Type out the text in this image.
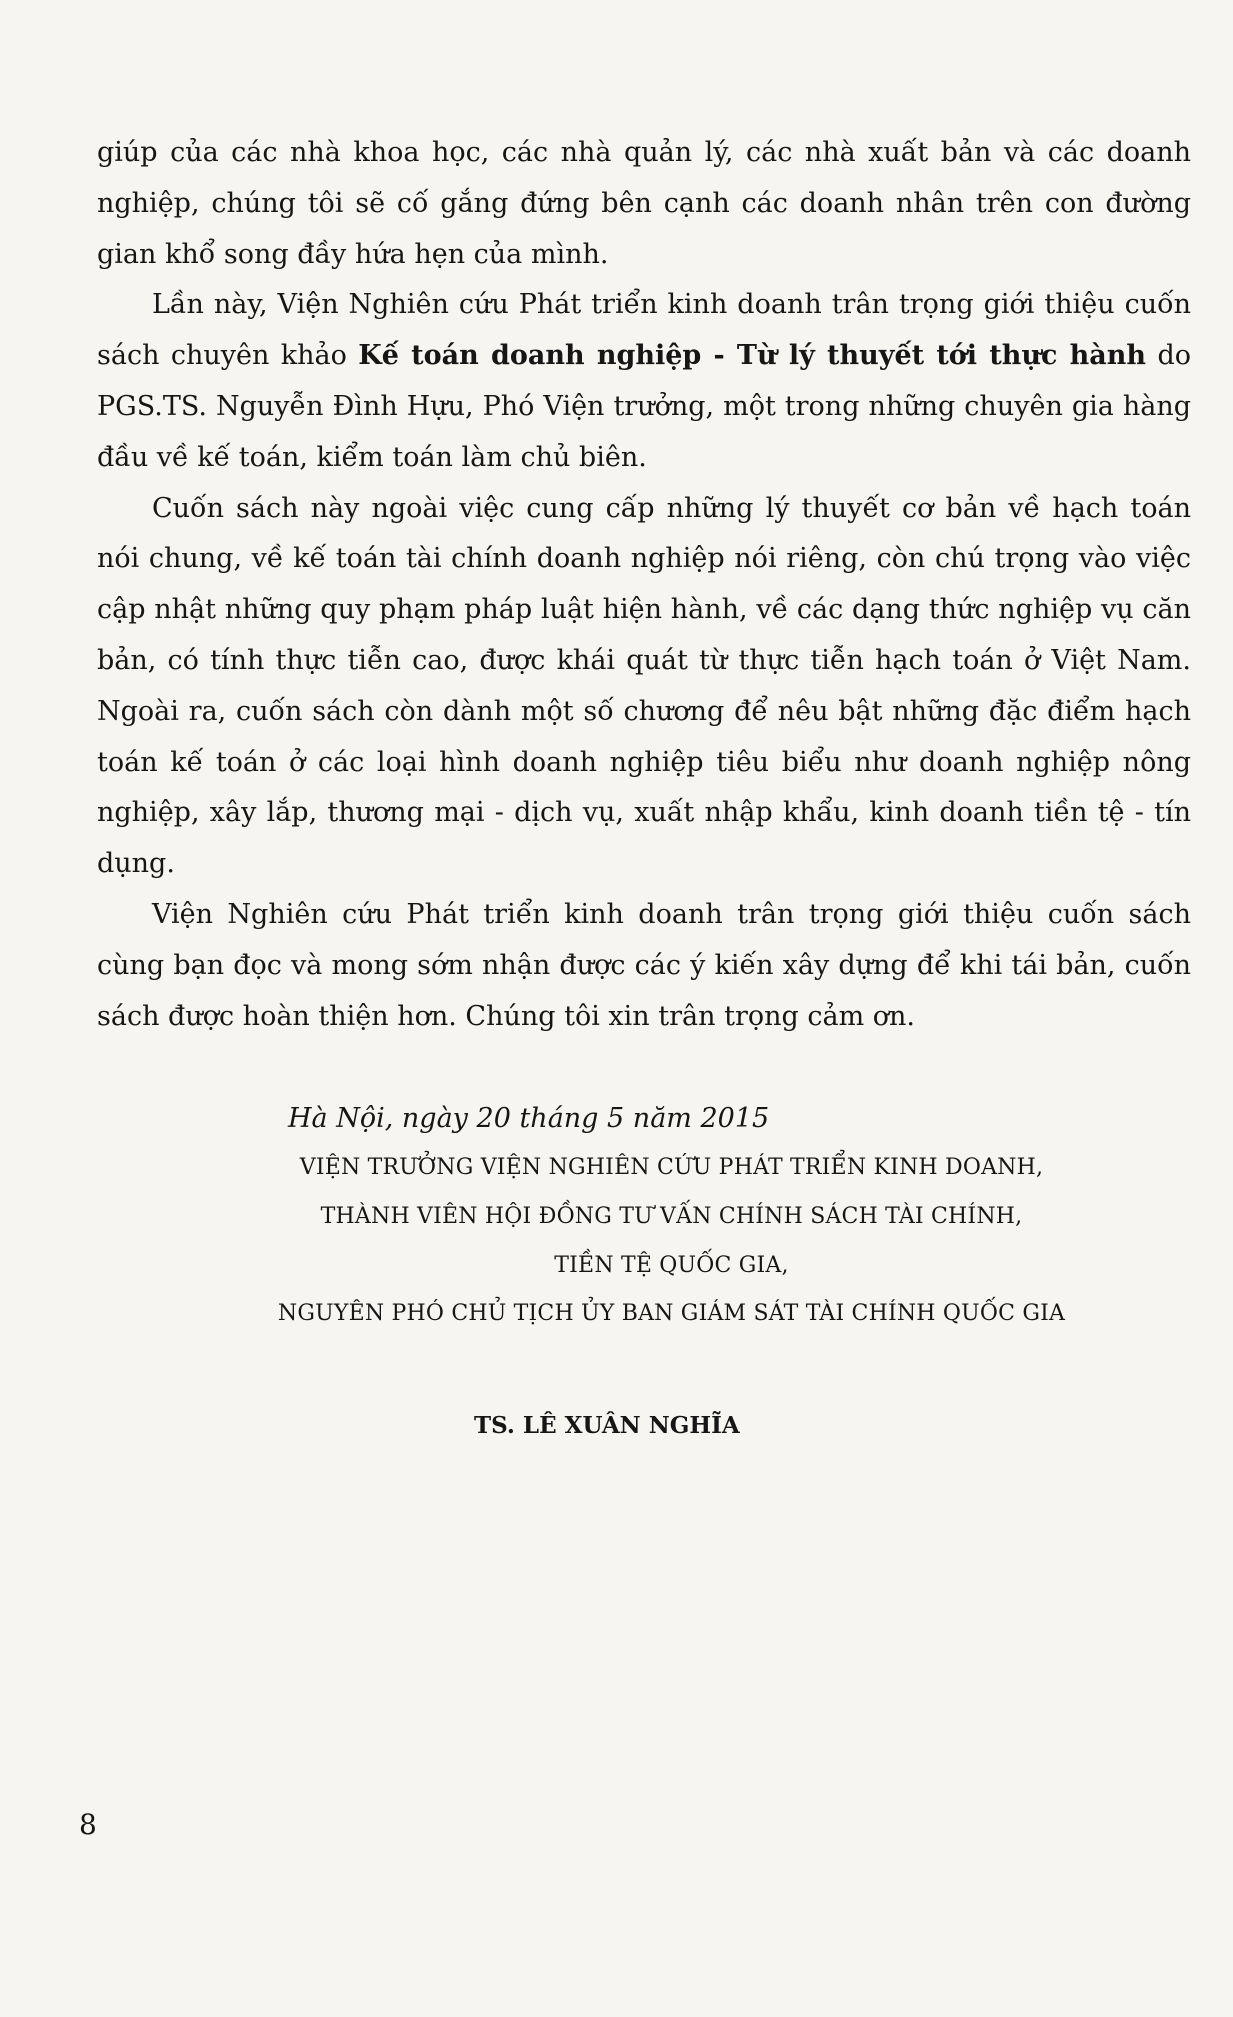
giúp của các nhà khoa học, các nhà quản lý, các nhà xuất bản và các doanh nghiệp, chúng tôi sẽ cố gắng đứng bên cạnh các doanh nhân trên con đường gian khổ song đầy hứa hẹn của mình.

Lần này, Viện Nghiên cứu Phát triển kinh doanh trân trọng giới thiệu cuốn sách chuyên khảo Kế toán doanh nghiệp - Từ lý thuyết tới thực hành do PGS.TS. Nguyễn Đình Hựu, Phó Viện trưởng, một trong những chuyên gia hàng đầu về kế toán, kiểm toán làm chủ biên.

Cuốn sách này ngoài việc cung cấp những lý thuyết cơ bản về hạch toán nói chung, về kế toán tài chính doanh nghiệp nói riêng, còn chú trọng vào việc cập nhật những quy phạm pháp luật hiện hành, về các dạng thức nghiệp vụ căn bản, có tính thực tiễn cao, được khái quát từ thực tiễn hạch toán ở Việt Nam. Ngoài ra, cuốn sách còn dành một số chương để nêu bật những đặc điểm hạch toán kế toán ở các loại hình doanh nghiệp tiêu biểu như doanh nghiệp nông nghiệp, xây lắp, thương mại - dịch vụ, xuất nhập khẩu, kinh doanh tiền tệ - tín dụng.

Viện Nghiên cứu Phát triển kinh doanh trân trọng giới thiệu cuốn sách cùng bạn đọc và mong sớm nhận được các ý kiến xây dựng để khi tái bản, cuốn sách được hoàn thiện hơn. Chúng tôi xin trân trọng cảm ơn.

Hà Nội, ngày 20 tháng 5 năm 2015
VIỆN TRƯỞNG VIỆN NGHIÊN CỨU PHÁT TRIỂN KINH DOANH,
THÀNH VIÊN HỘI ĐỒNG TƯ VẤN CHÍNH SÁCH TÀI CHÍNH,
TIỀN TỆ QUỐC GIA,
NGUYÊN PHÓ CHỦ TỊCH ỦY BAN GIÁM SÁT TÀI CHÍNH QUỐC GIA
TS. LÊ XUÂN NGHĨA
8
